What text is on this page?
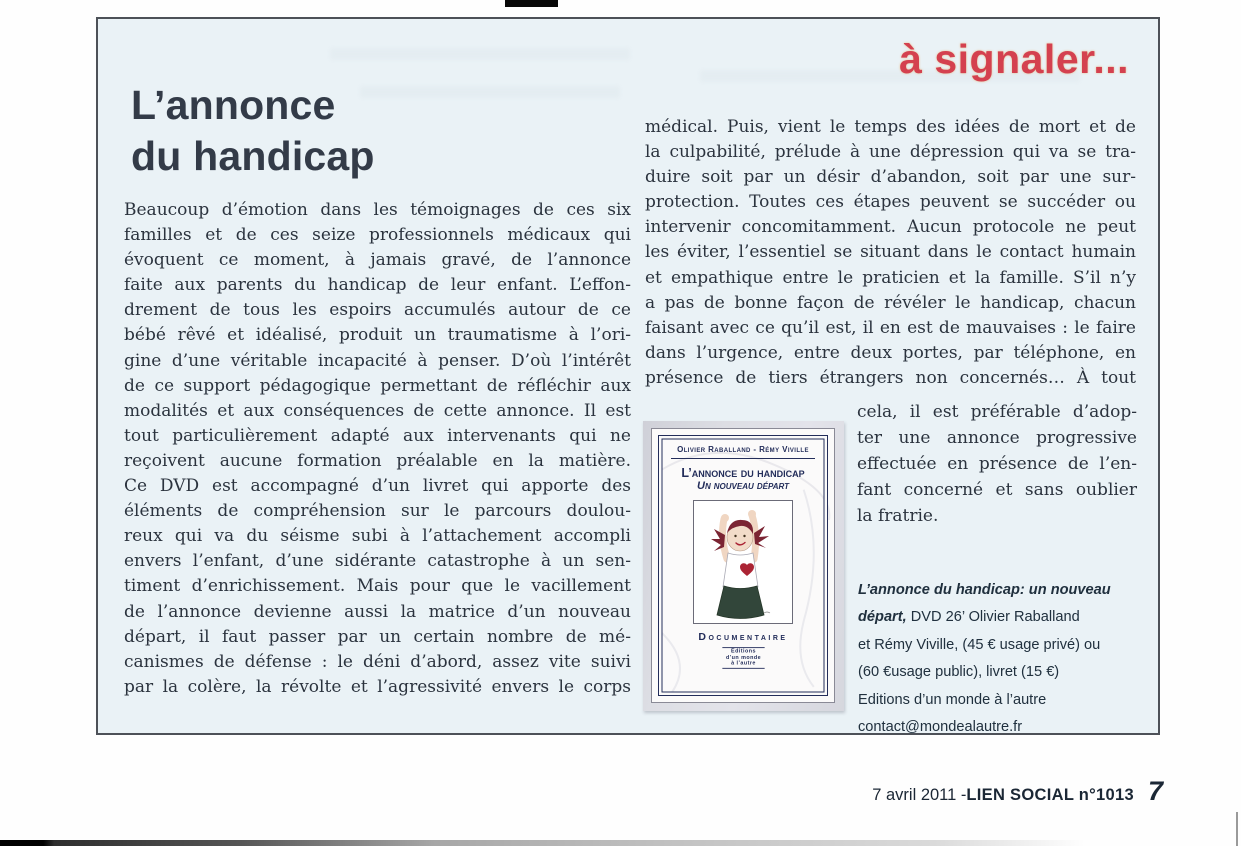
à signaler...
L’annonce
du handicap
Beaucoup d’émotion dans les témoignages de ces six
familles et de ces seize professionnels médicaux qui
évoquent ce moment, à jamais gravé, de l’annonce
faite aux parents du handicap de leur enfant. L’effon-
drement de tous les espoirs accumulés autour de ce
bébé rêvé et idéalisé, produit un traumatisme à l’ori-
gine d’une véritable incapacité à penser. D’où l’intérêt
de ce support pédagogique permettant de réfléchir aux
modalités et aux conséquences de cette annonce. Il est
tout particulièrement adapté aux intervenants qui ne
reçoivent aucune formation préalable en la matière.
Ce DVD est accompagné d’un livret qui apporte des
éléments de compréhension sur le parcours doulou-
reux qui va du séisme subi à l’attachement accompli
envers l’enfant, d’une sidérante catastrophe à un sen-
timent d’enrichissement. Mais pour que le vacillement
de l’annonce devienne aussi la matrice d’un nouveau
départ, il faut passer par un certain nombre de mé-
canismes de défense : le déni d’abord, assez vite suivi
par la colère, la révolte et l’agressivité envers le corps
médical. Puis, vient le temps des idées de mort et de
la culpabilité, prélude à une dépression qui va se tra-
duire soit par un désir d’abandon, soit par une sur-
protection. Toutes ces étapes peuvent se succéder ou
intervenir concomitamment. Aucun protocole ne peut
les éviter, l’essentiel se situant dans le contact humain
et empathique entre le praticien et la famille. S’il n’y
a pas de bonne façon de révéler le handicap, chacun
faisant avec ce qu’il est, il en est de mauvaises : le faire
dans l’urgence, entre deux portes, par téléphone, en
présence de tiers étrangers non concernés… À tout
cela, il est préférable d’adop-
ter une annonce progressive
effectuée en présence de l’en-
fant concerné et sans oublier
la fratrie.
Olivier Raballand - Rémy Viville
L’annonce du handicap
Un nouveau départ
Documentaire
Éditions
d’un monde
à l’autre
L’annonce du handicap: un nouveau
départ, DVD 26’ Olivier Raballand
et Rémy Viville, (45 € usage privé) ou
(60 €usage public), livret (15 €)
Editions d’un monde à l’autre
contact@mondealautre.fr
7 avril 2011 - LIEN SOCIAL n°1013 7
